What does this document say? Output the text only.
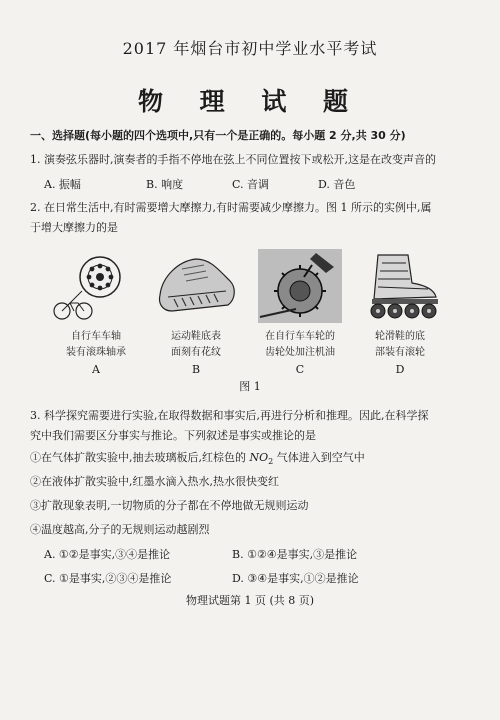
2017 年烟台市初中学业水平考试
物 理 试 题
一、选择题(每小题的四个选项中,只有一个是正确的。每小题 2 分,共 30 分)
1. 演奏弦乐器时,演奏者的手指不停地在弦上不同位置按下或松开,这是在改变声音的
A. 振幅	B. 响度	C. 音调	D. 音色
2. 在日常生活中,有时需要增大摩擦力,有时需要减少摩擦力。图 1 所示的实例中,属
于增大摩擦力的是
自行车车轴
装有滚珠轴承
A
运动鞋底表
面刻有花纹
B
在自行车车轮的
齿轮处加注机油
C
轮滑鞋的底
部装有滚轮
D
图 1
3. 科学探究需要进行实验,在取得数据和事实后,再进行分析和推理。因此,在科学探
究中我们需要区分事实与推论。下列叙述是事实或推论的是
①在气体扩散实验中,抽去玻璃板后,红棕色的 $NO_2$ 气体进入到空气中
②在液体扩散实验中,红墨水滴入热水,热水很快变红
③扩散现象表明,一切物质的分子都在不停地做无规则运动
④温度越高,分子的无规则运动越剧烈
A. ①②是事实,③④是推论	B. ①②④是事实,③是推论
C. ①是事实,②③④是推论	D. ③④是事实,①②是推论
物理试题第 1 页 (共 8 页)
